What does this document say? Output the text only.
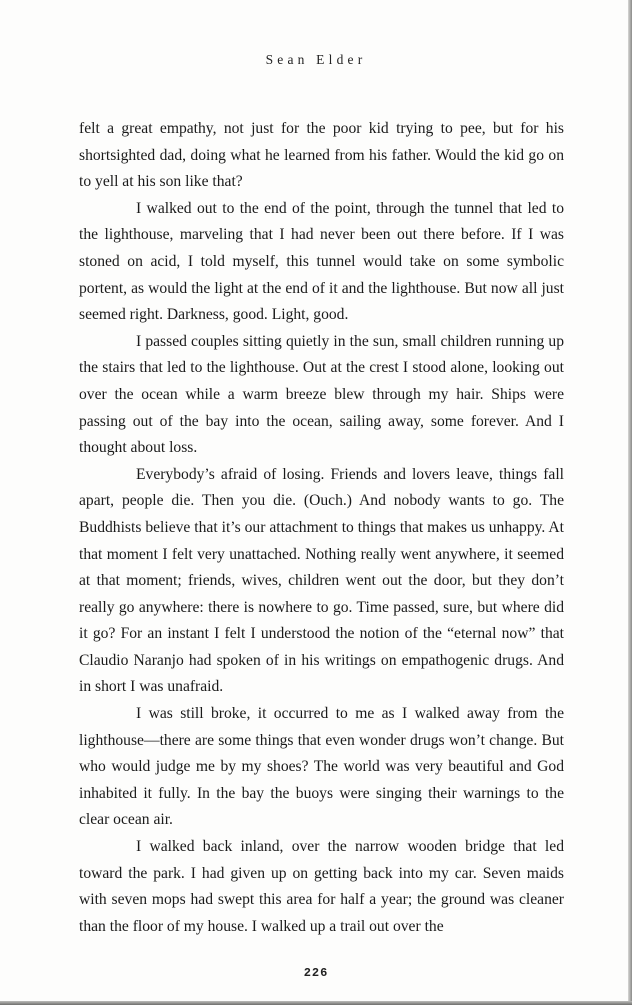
Sean Elder

felt a great empathy, not just for the poor kid trying to pee, but for his shortsighted dad, doing what he learned from his father. Would the kid go on to yell at his son like that?

I walked out to the end of the point, through the tunnel that led to the lighthouse, marveling that I had never been out there before. If I was stoned on acid, I told myself, this tunnel would take on some symbolic portent, as would the light at the end of it and the lighthouse. But now all just seemed right. Darkness, good. Light, good.

I passed couples sitting quietly in the sun, small children running up the stairs that led to the lighthouse. Out at the crest I stood alone, looking out over the ocean while a warm breeze blew through my hair. Ships were passing out of the bay into the ocean, sailing away, some forever. And I thought about loss.

Everybody’s afraid of losing. Friends and lovers leave, things fall apart, people die. Then you die. (Ouch.) And nobody wants to go. The Buddhists believe that it’s our attachment to things that makes us unhappy. At that moment I felt very unattached. Nothing really went anywhere, it seemed at that moment; friends, wives, children went out the door, but they don’t really go anywhere: there is nowhere to go. Time passed, sure, but where did it go? For an instant I felt I understood the notion of the “eternal now” that Claudio Naranjo had spoken of in his writings on empathogenic drugs. And in short I was unafraid.

I was still broke, it occurred to me as I walked away from the lighthouse—there are some things that even wonder drugs won’t change. But who would judge me by my shoes? The world was very beautiful and God inhabited it fully. In the bay the buoys were singing their warnings to the clear ocean air.

I walked back inland, over the narrow wooden bridge that led toward the park. I had given up on getting back into my car. Seven maids with seven mops had swept this area for half a year; the ground was cleaner than the floor of my house. I walked up a trail out over the

226
